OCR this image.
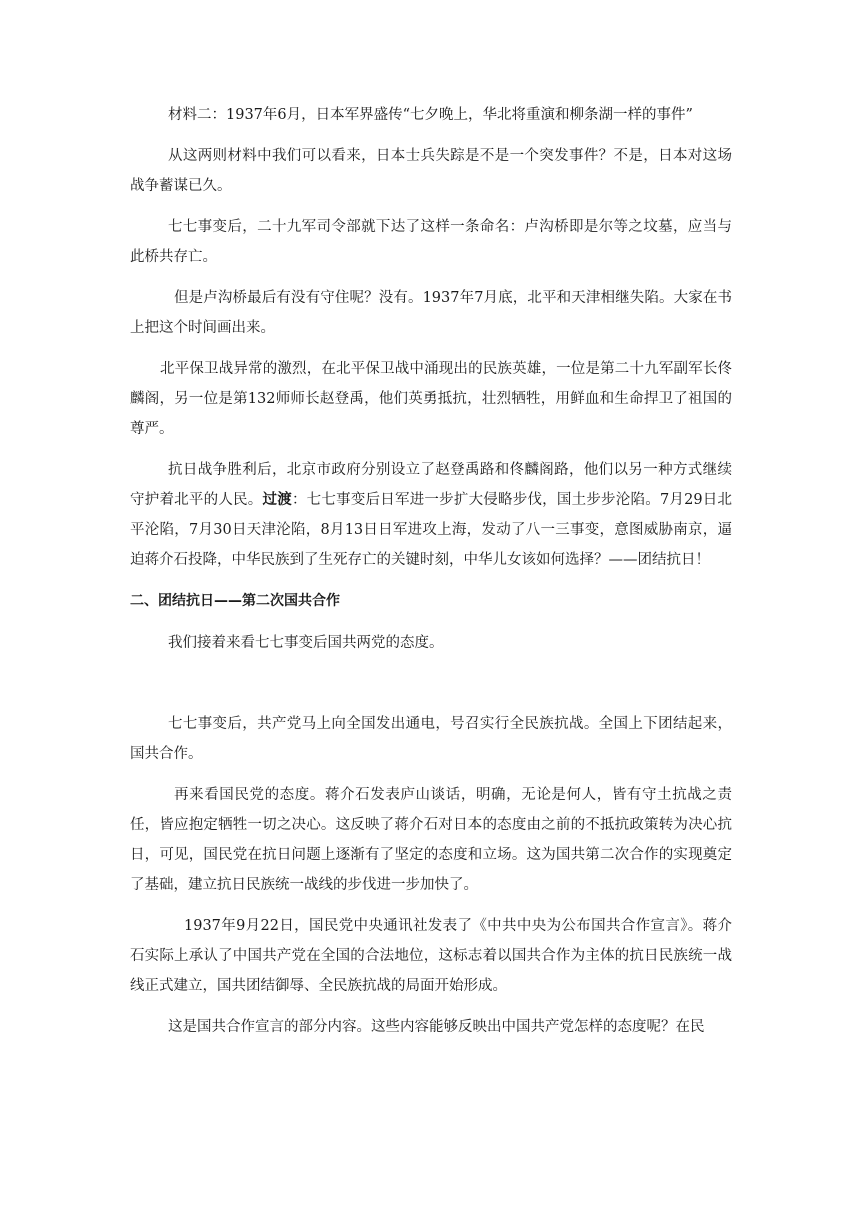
材料二：1937年6月，日本军界盛传“七夕晚上，华北将重演和柳条湖一样的事件”

从这两则材料中我们可以看来，日本士兵失踪是不是一个突发事件？不是，日本对这场战争蓄谋已久。

七七事变后，二十九军司令部就下达了这样一条命名：卢沟桥即是尔等之坟墓，应当与此桥共存亡。

但是卢沟桥最后有没有守住呢？没有。1937年7月底，北平和天津相继失陷。大家在书上把这个时间画出来。

北平保卫战异常的激烈，在北平保卫战中涌现出的民族英雄，一位是第二十九军副军长佟麟阁，另一位是第132师师长赵登禹，他们英勇抵抗，壮烈牺牲，用鲜血和生命捍卫了祖国的尊严。

抗日战争胜利后，北京市政府分别设立了赵登禹路和佟麟阁路，他们以另一种方式继续守护着北平的人民。过渡：七七事变后日军进一步扩大侵略步伐，国土步步沦陷。7月29日北平沦陷，7月30日天津沦陷，8月13日日军进攻上海，发动了八一三事变，意图威胁南京，逼迫蒋介石投降，中华民族到了生死存亡的关键时刻，中华儿女该如何选择？——团结抗日！

二、团结抗日——第二次国共合作

我们接着来看七七事变后国共两党的态度。

七七事变后，共产党马上向全国发出通电，号召实行全民族抗战。全国上下团结起来，国共合作。

再来看国民党的态度。蒋介石发表庐山谈话，明确，无论是何人，皆有守土抗战之责任，皆应抱定牺牲一切之决心。这反映了蒋介石对日本的态度由之前的不抵抗政策转为决心抗日，可见，国民党在抗日问题上逐渐有了坚定的态度和立场。这为国共第二次合作的实现奠定了基础，建立抗日民族统一战线的步伐进一步加快了。

1937年9月22日，国民党中央通讯社发表了《中共中央为公布国共合作宣言》。蒋介石实际上承认了中国共产党在全国的合法地位，这标志着以国共合作为主体的抗日民族统一战线正式建立，国共团结御辱、全民族抗战的局面开始形成。

这是国共合作宣言的部分内容。这些内容能够反映出中国共产党怎样的态度呢？在民
